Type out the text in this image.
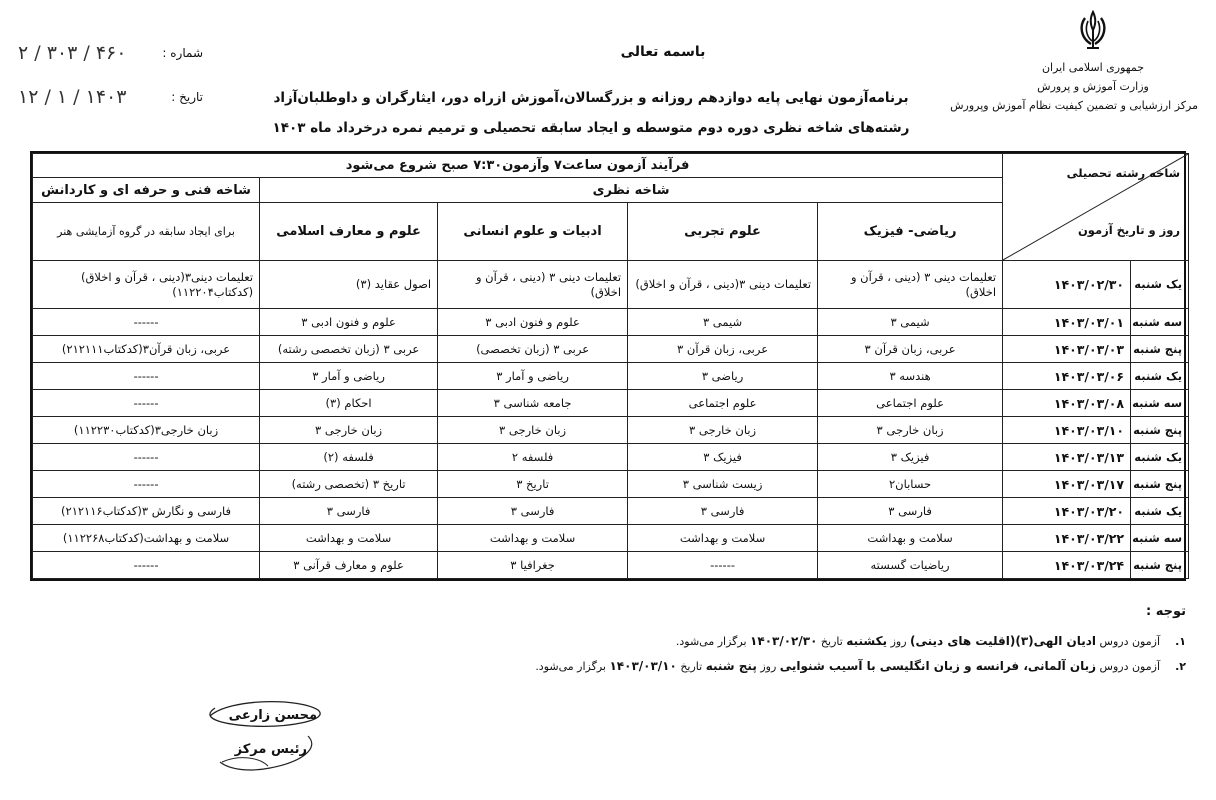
جمهوری اسلامی ایران
وزارت آموزش و پرورش
مرکز ارزشیابی و تضمین کیفیت نظام آموزش وپرورش
باسمه تعالی
شماره :
۴۶۰ / ۳۰۳ / ۲
تاریخ :
۱۴۰۳ / ۱ / ۱۲	برنامه‌آزمون نهایی پایه دوازدهم روزانه و بزرگسالان،آموزش ازراه دور، ایثارگران و داوطلبان‌آزاد
رشته‌های شاخه نظری دوره دوم متوسطه و ایجاد سابقه تحصیلی و ترمیم نمره درخرداد ماه ۱۴۰۳
شاخه رشته تحصیلی
روز و تاریخ آزمون		فرآیند آزمون ساعت۷ وآزمون۷:۳۰ صبح شروع می‌شود				
		شاخه نظری				شاخه فنی و حرفه ای و کاردانش
		ریاضی- فیزیک	علوم تجربی	ادبیات و علوم انسانی	علوم و معارف اسلامی	برای ایجاد سابقه در گروه آزمایشی هنر
یک شنبه	۱۴۰۳/۰۲/۳۰	تعلیمات دینی ۳ (دینی ، قرآن و اخلاق)	تعلیمات دینی ۳(دینی ، قرآن و اخلاق)	تعلیمات دینی ۳ (دینی ، قرآن و اخلاق)	اصول عقاید (۳)	تعلیمات دینی۳(دینی ، قرآن و اخلاق)(کدکتاب۱۱۲۲۰۴)
سه شنبه	۱۴۰۳/۰۳/۰۱	شیمی ۳	شیمی ۳	علوم و فنون ادبی ۳	علوم و فنون ادبی ۳	------
پنج شنبه	۱۴۰۳/۰۳/۰۳	عربی، زبان قرآن ۳	عربی، زبان قرآن ۳	عربی ۳ (زبان تخصصی)	عربی ۳ (زبان تخصصی رشته)	عربی، زبان قرآن۳(کدکتاب۲۱۲۱۱۱)
یک شنبه	۱۴۰۳/۰۳/۰۶	هندسه ۳	ریاضی ۳	ریاضی و آمار ۳	ریاضی و آمار ۳	------
سه شنبه	۱۴۰۳/۰۳/۰۸	علوم اجتماعی	علوم اجتماعی	جامعه شناسی ۳	احکام (۳)	------
پنج شنبه	۱۴۰۳/۰۳/۱۰	زبان خارجی ۳	زبان خارجی ۳	زبان خارجی ۳	زبان خارجی ۳	زبان خارجی۳(کدکتاب۱۱۲۲۳۰)
یک شنبه	۱۴۰۳/۰۳/۱۳	فیزیک ۳	فیزیک ۳	فلسفه ۲	فلسفه (۲)	------
پنج شنبه	۱۴۰۳/۰۳/۱۷	حسابان۲	زیست شناسی ۳	تاریخ ۳	تاریخ ۳ (تخصصی رشته)	------
یک شنبه	۱۴۰۳/۰۳/۲۰	فارسی ۳	فارسی ۳	فارسی ۳	فارسی ۳	فارسی و نگارش ۳(کدکتاب۲۱۲۱۱۶)
سه شنبه	۱۴۰۳/۰۳/۲۲	سلامت و بهداشت	سلامت و بهداشت	سلامت و بهداشت	سلامت و بهداشت	سلامت و بهداشت(کدکتاب۱۱۲۲۶۸)
پنج شنبه	۱۴۰۳/۰۳/۲۴	ریاضیات گسسته	------	جغرافیا ۳	علوم و معارف قرآنی ۳	------
توجه :
۱.آزمون دروس ادیان الهی(۳)(اقلیت های دینی) روز یکشنبه تاریخ ۱۴۰۳/۰۲/۳۰ برگزار می‌شود.
۲.آزمون دروس زبان آلمانی، فرانسه و زبان انگلیسی با آسیب شنوایی روز پنج شنبه تاریخ ۱۴۰۳/۰۳/۱۰ برگزار می‌شود.
محسن زارعی
رئیس مرکز
